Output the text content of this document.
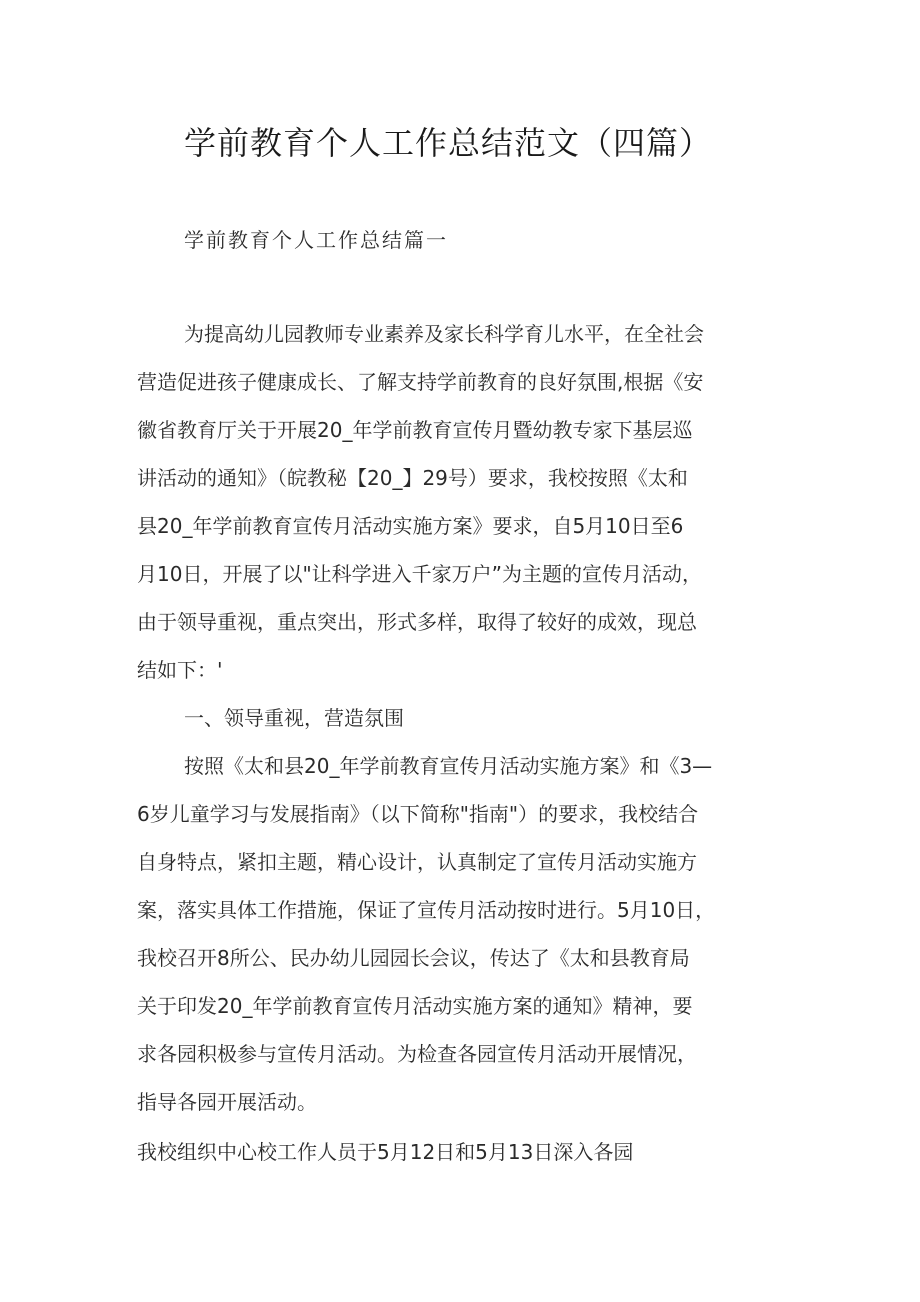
学前教育个人工作总结范文（四篇）
学前教育个人工作总结篇一
为提高幼儿园教师专业素养及家长科学育儿水平，在全社会
营造促进孩子健康成长、了解支持学前教育的良好氛围,根据《安
徽省教育厅关于开展20_年学前教育宣传月暨幼教专家下基层巡
讲活动的通知》（皖教秘【20_】29号）要求，我校按照《太和
县20_年学前教育宣传月活动实施方案》要求，自5月10日至6
月10日，开展了以"让科学进入千家万户”为主题的宣传月活动，
由于领导重视，重点突出，形式多样，取得了较好的成效，现总
结如下：'
一、领导重视，营造氛围
按照《太和县20_年学前教育宣传月活动实施方案》和《3—
6岁儿童学习与发展指南》（以下简称"指南"）的要求，我校结合
自身特点，紧扣主题，精心设计，认真制定了宣传月活动实施方
案，落实具体工作措施，保证了宣传月活动按时进行。5月10日，
我校召开8所公、民办幼儿园园长会议，传达了《太和县教育局
关于印发20_年学前教育宣传月活动实施方案的通知》精神，要
求各园积极参与宣传月活动。为检查各园宣传月活动开展情况，
指导各园开展活动。
我校组织中心校工作人员于5月12日和5月13日深入各园
